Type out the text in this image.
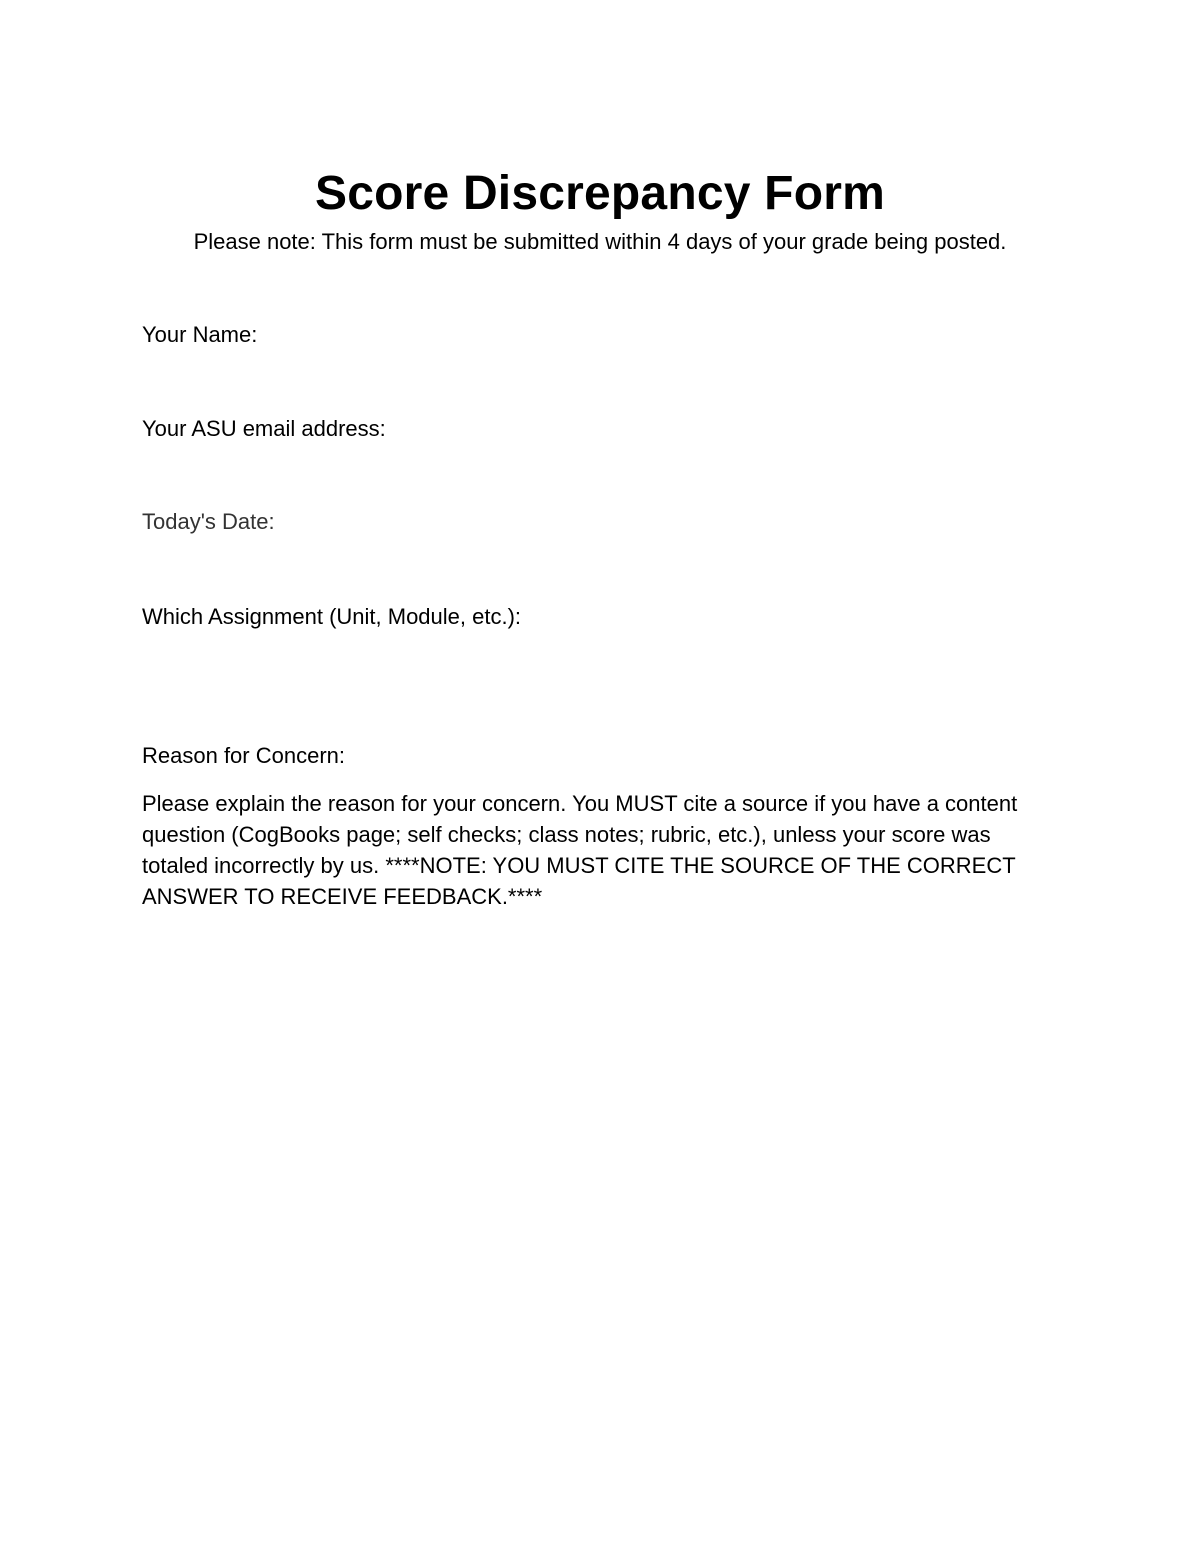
Score Discrepancy Form

Please note: This form must be submitted within 4 days of your grade being posted.

Your Name:

Your ASU email address:

Today's Date:

Which Assignment (Unit, Module, etc.):

Reason for Concern:

Please explain the reason for your concern. You MUST cite a source if you have a content question (CogBooks page; self checks; class notes; rubric, etc.), unless your score was totaled incorrectly by us. ****NOTE: YOU MUST CITE THE SOURCE OF THE CORRECT ANSWER TO RECEIVE FEEDBACK.****
